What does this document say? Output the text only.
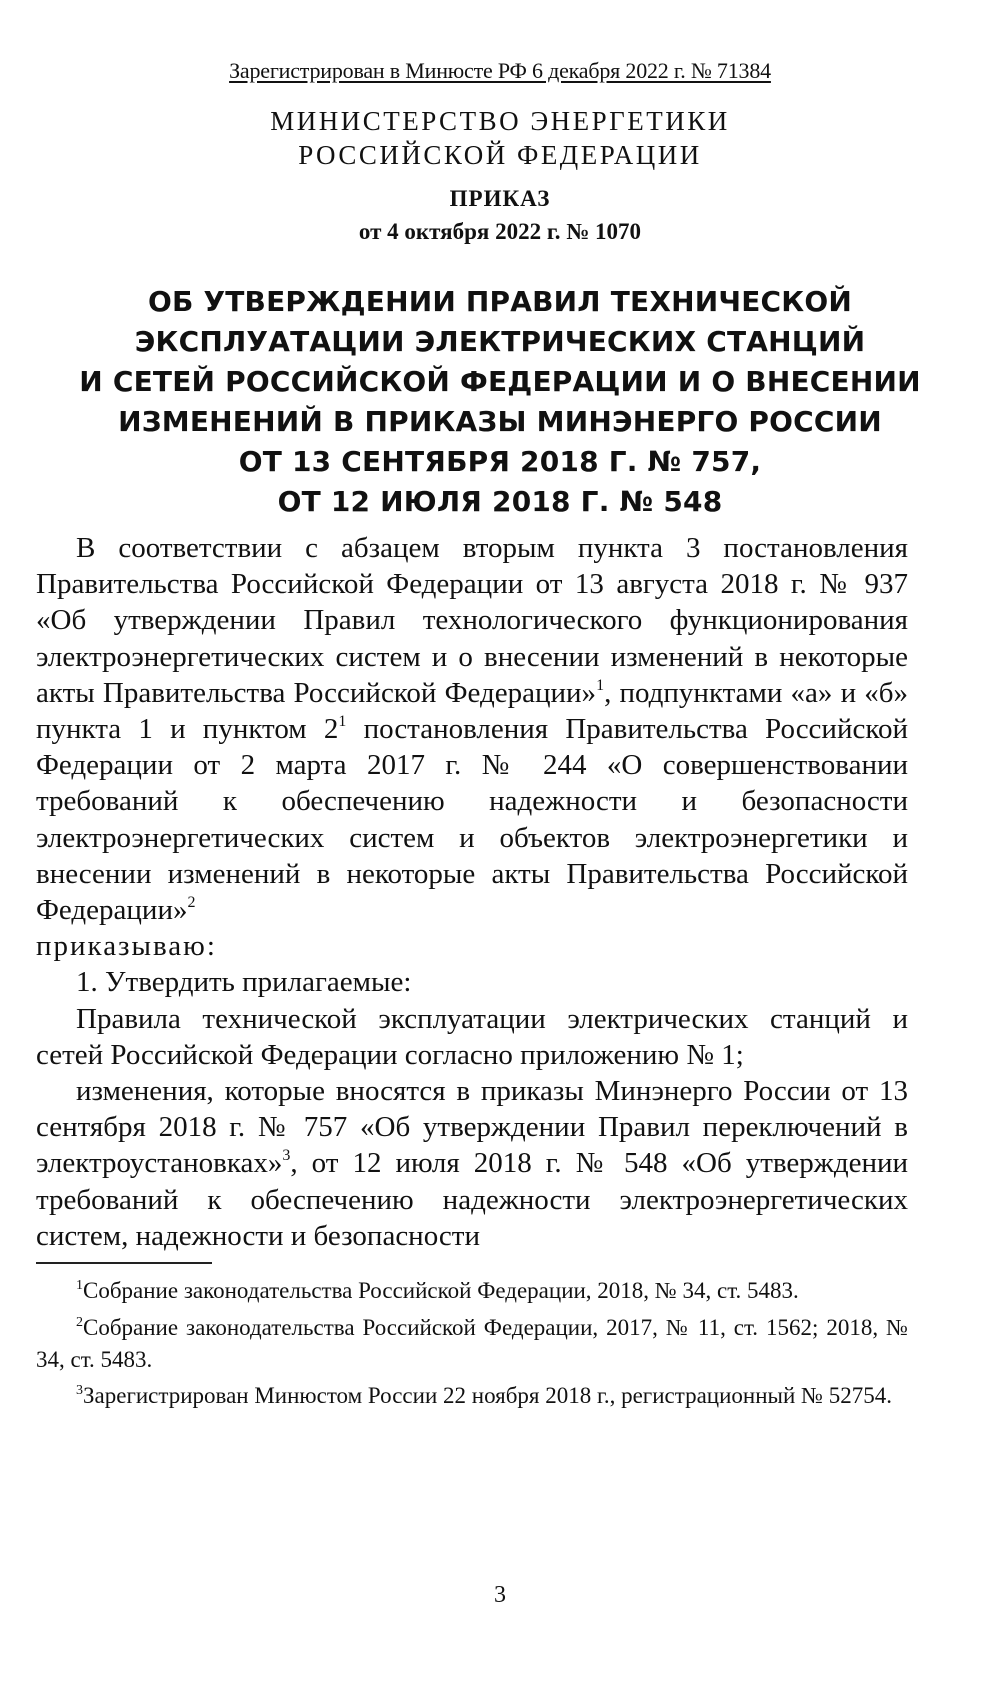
Зарегистрирован в Минюсте РФ 6 декабря 2022 г. № 71384
МИНИСТЕРСТВО ЭНЕРГЕТИКИ
РОССИЙСКОЙ ФЕДЕРАЦИИ
ПРИКАЗ
от 4 октября 2022 г. № 1070
ОБ УТВЕРЖДЕНИИ ПРАВИЛ ТЕХНИЧЕСКОЙ
ЭКСПЛУАТАЦИИ ЭЛЕКТРИЧЕСКИХ СТАНЦИЙ
И СЕТЕЙ РОССИЙСКОЙ ФЕДЕРАЦИИ И О ВНЕСЕНИИ
ИЗМЕНЕНИЙ В ПРИКАЗЫ МИНЭНЕРГО РОССИИ
ОТ 13 СЕНТЯБРЯ 2018 Г. № 757,
ОТ 12 ИЮЛЯ 2018 Г. № 548

В соответствии с абзацем вторым пункта 3 постановления Правительства Российской Федерации от 13 августа 2018 г. № 937 «Об утверждении Правил технологического функционирования электроэнергетических систем и о внесении изменений в некоторые акты Правительства Российской Федерации»$^1$, подпунктами «а» и «б» пункта 1 и пунктом $2^1$ постановления Правительства Российской Федерации от 2 марта 2017 г. № 244 «О совершенствовании требований к обеспечению надежности и безопасности электроэнергетических систем и объектов электроэнергетики и внесении изменений в некоторые акты Правительства Российской Федерации»$^2$
приказываю:

1. Утвердить прилагаемые:

Правила технической эксплуатации электрических станций и сетей Российской Федерации согласно приложению № 1;

изменения, которые вносятся в приказы Минэнерго России от 13 сентября 2018 г. № 757 «Об утверждении Правил переключений в электроустановках»$^3$, от 12 июля 2018 г. № 548 «Об утверждении требований к обеспечению надежности электроэнергетических систем, надежности и безопасности

$^1$Собрание законодательства Российской Федерации, 2018, № 34, ст. 5483.

$^2$Собрание законодательства Российской Федерации, 2017, № 11, ст. 1562; 2018, № 34, ст. 5483.

$^3$Зарегистрирован Минюстом России 22 ноября 2018 г., регистрационный № 52754.

3
